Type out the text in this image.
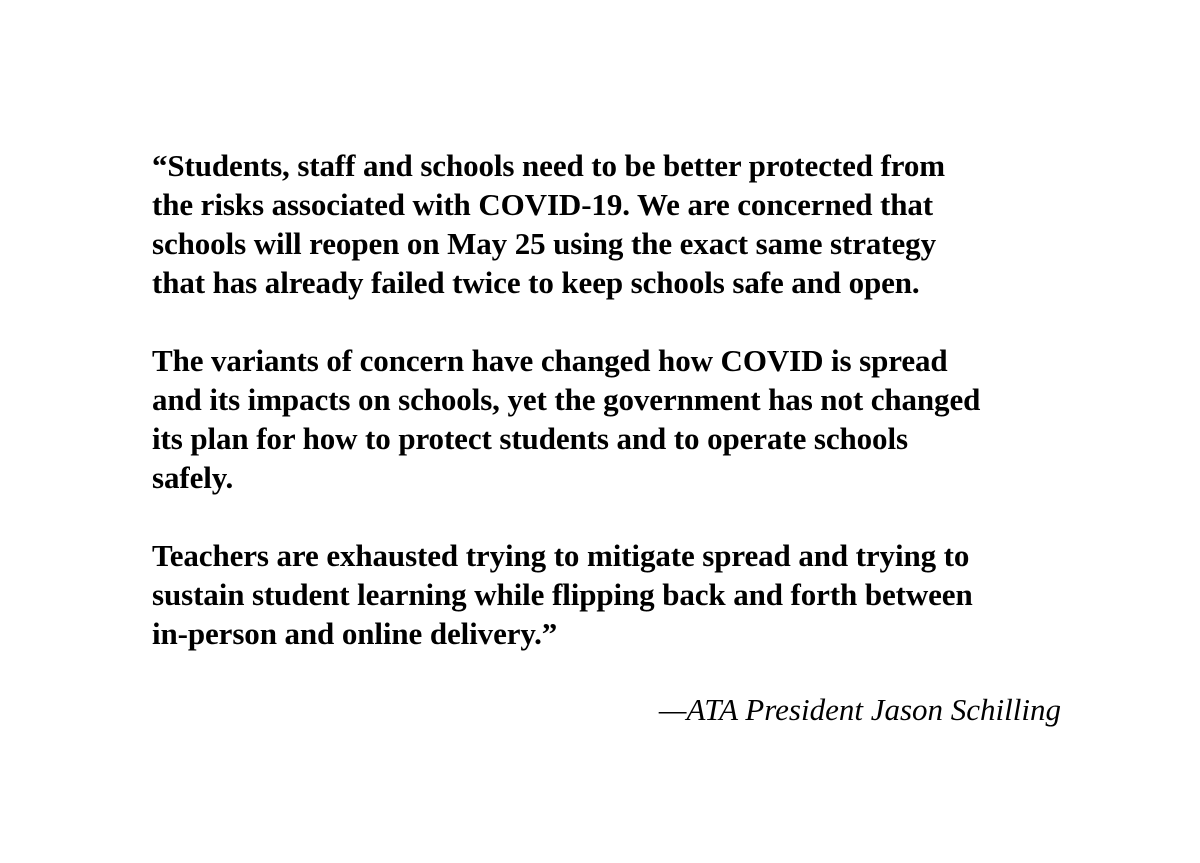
“Students, staff and schools need to be better protected from
the risks associated with COVID-19. We are concerned that
schools will reopen on May 25 using the exact same strategy
that has already failed twice to keep schools safe and open.
The variants of concern have changed how COVID is spread
and its impacts on schools, yet the government has not changed
its plan for how to protect students and to operate schools
safely.
Teachers are exhausted trying to mitigate spread and trying to
sustain student learning while flipping back and forth between
in-person and online delivery.”
—ATA President Jason Schilling
